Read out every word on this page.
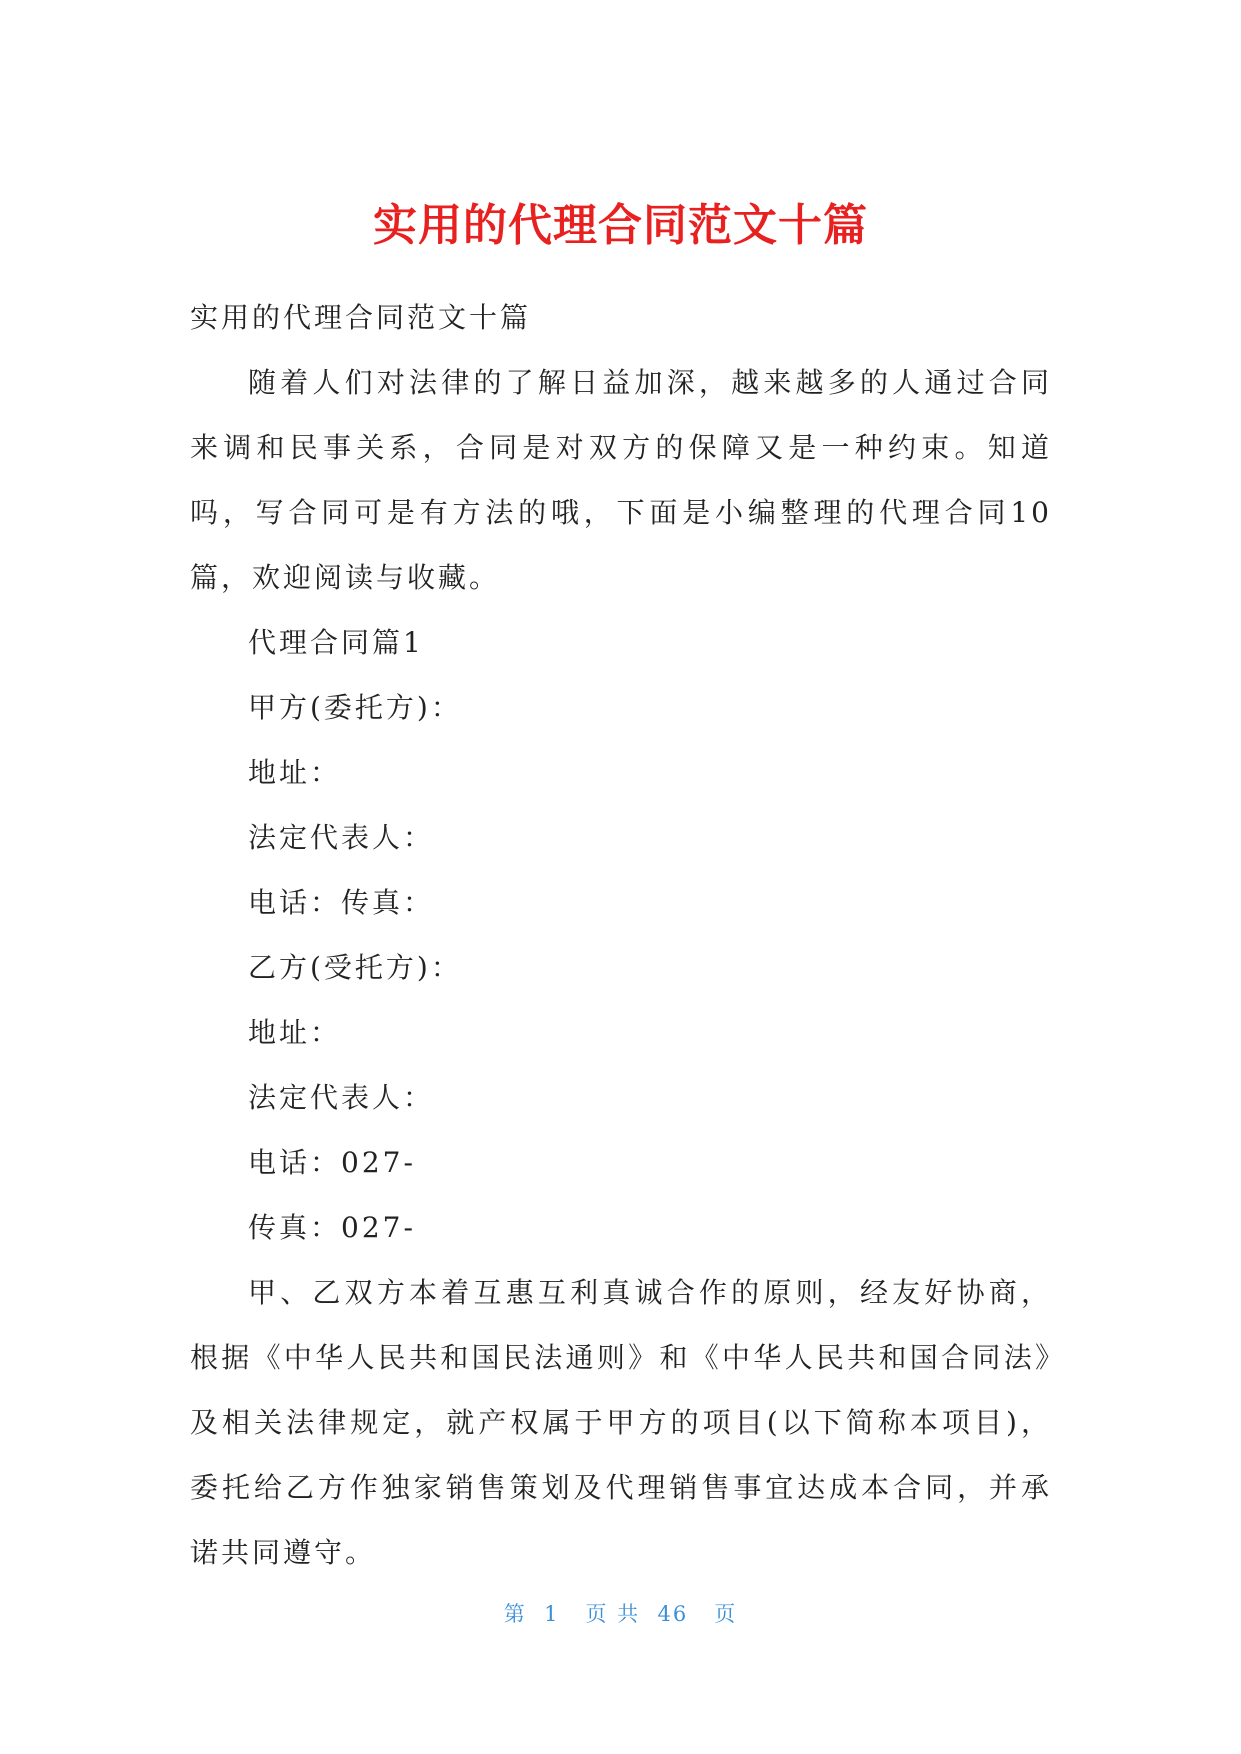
实用的代理合同范文十篇

实用的代理合同范文十篇

随着人们对法律的了解日益加深，越来越多的人通过合同来调和民事关系，合同是对双方的保障又是一种约束。知道吗，写合同可是有方法的哦，下面是小编整理的代理合同10篇，欢迎阅读与收藏。

代理合同篇1

甲方(委托方)：

地址：

法定代表人：

电话：传真：

乙方(受托方)：

地址：

法定代表人：

电话：027-

传真：027-

甲、乙双方本着互惠互利真诚合作的原则，经友好协商，根据《中华人民共和国民法通则》和《中华人民共和国合同法》及相关法律规定，就产权属于甲方的项目(以下简称本项目)，委托给乙方作独家销售策划及代理销售事宜达成本合同，并承诺共同遵守。

第  1   页 共  46   页
